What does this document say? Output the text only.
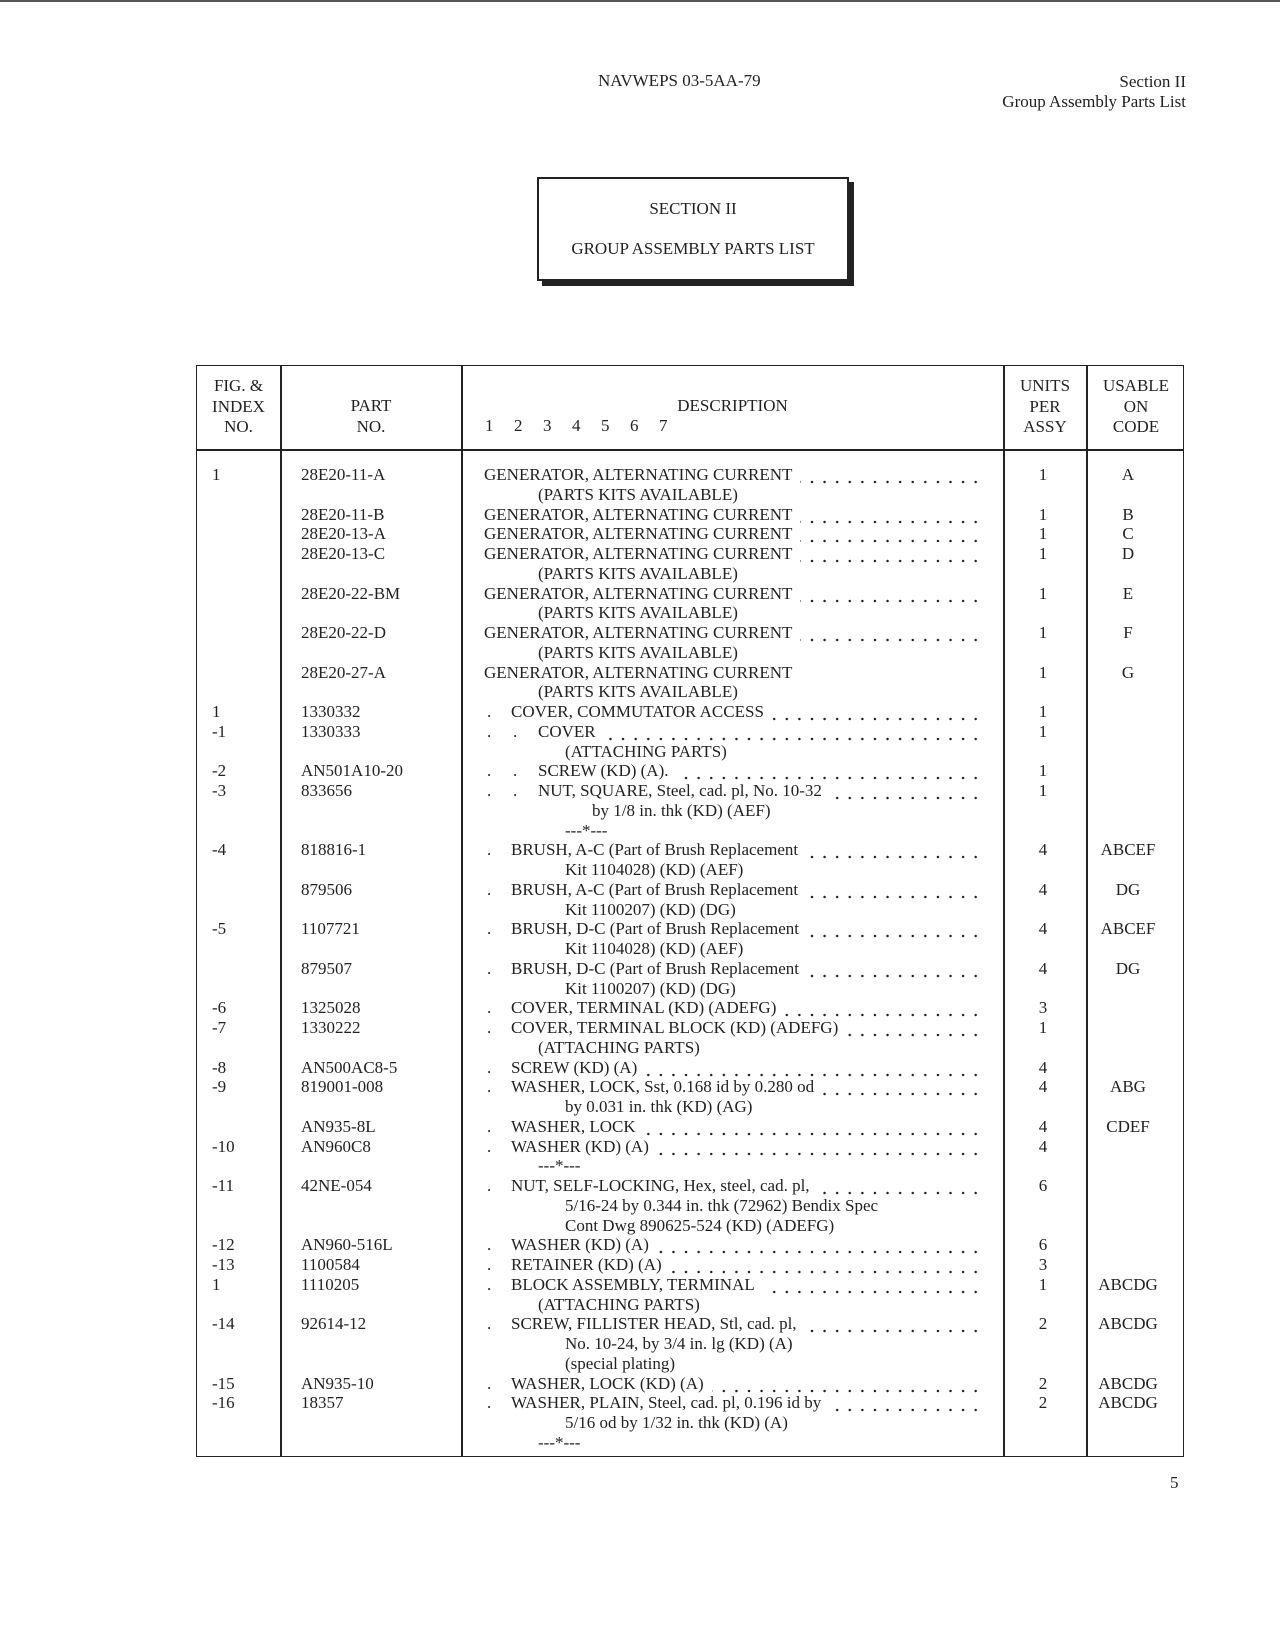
NAVWEPS 03-5AA-79	Section II
Group Assembly Parts List
SECTION II
GROUP ASSEMBLY PARTS LIST
FIG. &
INDEX
NO.
PART
NO.
DESCRIPTION
1  2  3  4  5  6  7
UNITS
PER
ASSY
USABLE
ON
CODE
1	28E20-11-A	GENERATOR, ALTERNATING CURRENT	1	A
(PARTS KITS AVAILABLE)
28E20-11-B	GENERATOR, ALTERNATING CURRENT	1	B
28E20-13-A	GENERATOR, ALTERNATING CURRENT	1	C
28E20-13-C	GENERATOR, ALTERNATING CURRENT	1	D
(PARTS KITS AVAILABLE)
28E20-22-BM	GENERATOR, ALTERNATING CURRENT	1	E
(PARTS KITS AVAILABLE)
28E20-22-D	GENERATOR, ALTERNATING CURRENT	1	F
(PARTS KITS AVAILABLE)
28E20-27-A	GENERATOR, ALTERNATING CURRENT	1	G
(PARTS KITS AVAILABLE)
1	1330332	. COVER, COMMUTATOR ACCESS	1
-1	1330333	. . COVER	1
(ATTACHING PARTS)
-2	AN501A10-20	. . SCREW (KD) (A).	1
-3	833656	. . NUT, SQUARE, Steel, cad. pl, No. 10-32	1
by 1/8 in. thk (KD) (AEF)
---*---
-4	818816-1	. BRUSH, A-C (Part of Brush Replacement	4	ABCEF
Kit 1104028) (KD) (AEF)
879506	. BRUSH, A-C (Part of Brush Replacement	4	DG
Kit 1100207) (KD) (DG)
-5	1107721	. BRUSH, D-C (Part of Brush Replacement	4	ABCEF
Kit 1104028) (KD) (AEF)
879507	. BRUSH, D-C (Part of Brush Replacement	4	DG
Kit 1100207) (KD) (DG)
-6	1325028	. COVER, TERMINAL (KD) (ADEFG)	3
-7	1330222	. COVER, TERMINAL BLOCK (KD) (ADEFG)	1
(ATTACHING PARTS)
-8	AN500AC8-5	. SCREW (KD) (A)	4
-9	819001-008	. WASHER, LOCK, Sst, 0.168 id by 0.280 od	4	ABG
by 0.031 in. thk (KD) (AG)
AN935-8L	. WASHER, LOCK	4	CDEF
-10	AN960C8	. WASHER (KD) (A)	4
---*---
-11	42NE-054	. NUT, SELF-LOCKING, Hex, steel, cad. pl,	6
5/16-24 by 0.344 in. thk (72962) Bendix Spec
Cont Dwg 890625-524 (KD) (ADEFG)
-12	AN960-516L	. WASHER (KD) (A)	6
-13	1100584	. RETAINER (KD) (A)	3
1	1110205	. BLOCK ASSEMBLY, TERMINAL	1	ABCDG
(ATTACHING PARTS)
-14	92614-12	. SCREW, FILLISTER HEAD, Stl, cad. pl,	2	ABCDG
No. 10-24, by 3/4 in. lg (KD) (A)
(special plating)
-15	AN935-10	. WASHER, LOCK (KD) (A)	2	ABCDG
-16	18357	. WASHER, PLAIN, Steel, cad. pl, 0.196 id by	2	ABCDG
5/16 od by 1/32 in. thk (KD) (A)
---*---
5
